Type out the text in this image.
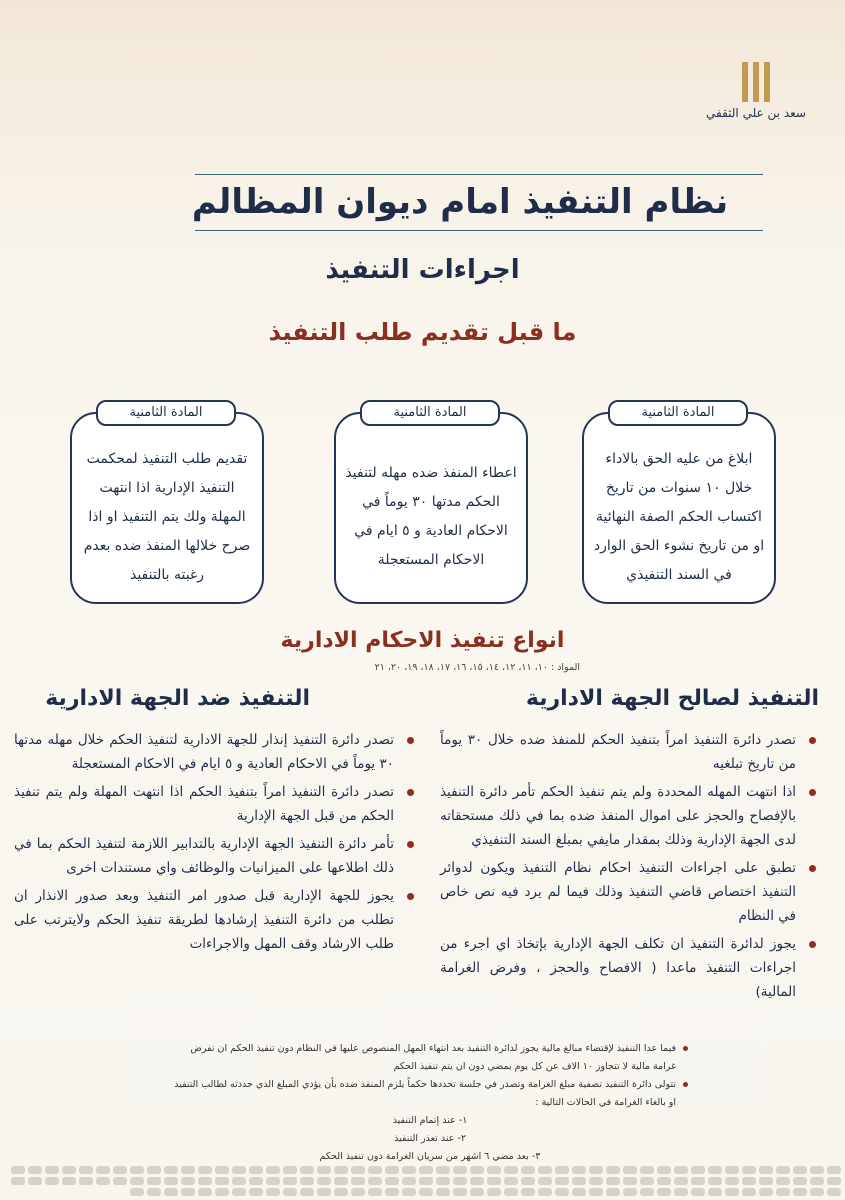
سعد بن علي الثقفي
نظام التنفيذ امام ديوان المظالم
اجراءات التنفيذ
ما قبل تقديم طلب التنفيذ
المادة الثامنية
ابلاغ من عليه الحق بالاداء خلال ١٠ سنوات من تاريخ اكتساب الحكم الصفة النهائية او من تاريخ نشوء الحق الوارد في السند التنفيذي
المادة الثامنية
اعطاء المنفذ ضده مهله لتنفيذ الحكم مدتها ٣٠ يوماً في الاحكام العادية و ٥ ايام في الاحكام المستعجلة
المادة الثامنية
تقديم طلب التنفيذ لمحكمت التنفيذ الإدارية اذا انتهت المهلة ولك يتم التنفيذ او اذا صرح خلالها المنفذ ضده بعدم رغبته بالتنفيذ
انواع تنفيذ الاحكام الادارية
المواد : ١٠، ١١، ١٢، ١٤، ١٥، ١٦، ١٧، ١٨، ١٩، ٢٠، ٢١
التنفيذ لصالح الجهة الادارية
تصدر دائرة التنفيذ امراً بتنفيذ الحكم للمنفذ ضده خلال ٣٠ يوماً من تاريخ تبلغيه
اذا انتهت المهله المحددة ولم يتم تنفيذ الحكم تأمر دائرة التنفيذ بالإفصاح والحجز على اموال المنفذ ضده بما في ذلك مستحقاته لدى الجهة الإدارية وذلك بمقدار مايفي بمبلغ السند التنفيذي
تطبق على اجراءات التنفيذ احكام نظام التنفيذ ويكون لدوائر التنفيذ اختصاص قاضي التنفيذ وذلك فيما لم يرد فيه نص خاص في النظام
يجوز لدائرة التنفيذ ان تكلف الجهة الإدارية بإتخاذ اي اجرء من اجراءات التنفيذ ماعدا ( الافصاح والحجز ، وفرض الغرامة المالية)
التنفيذ ضد الجهة الادارية
تصدر دائرة التنفيذ إنذار للجهة الادارية لتنفيذ الحكم خلال مهله مدتها ٣٠ يوماً في الاحكام العادية و ٥ ايام في الاحكام المستعجلة
تصدر دائرة التنفيذ امراً بتنفيذ الحكم اذا انتهت المهلة ولم يتم تنفيذ الحكم من قبل الجهة الإدارية
تأمر دائرة التنفيذ الجهة الإدارية بالتدابير اللازمة لتنفيذ الحكم بما في ذلك اطلاعها على الميزانيات والوظائف واي مستندات اخرى
يجوز للجهة الإدارية قبل صدور امر التنفيذ وبعد صدور الانذار ان تطلب من دائرة التنفيذ إرشادها لطريقة تنفيذ الحكم ولايترتب على طلب الارشاد وقف المهل والاجراءات
فيما عدا التنفيذ لإقتضاء مبالغ مالية يجوز لدائرة التنفيذ بعد انتهاء المهل المنصوص عليها في النظام دون تنفيذ الحكم ان تفرض غرامة مالية لا تتجاوز ١٠ الاف عن كل يوم يمضي دون ان يتم تنفيذ الحكم
تتولى دائرة التنفيذ تصفية مبلغ الغرامة وتصدر في جلسة تحددها حكماً يلزم المنفذ ضده بأن يؤدي المبلغ الذي حددته لطالب التنفيذ او بالغاء الغرامة في الحالات التالية :
١- عند إتمام التنفيذ
٢- عند تعذر التنفيذ
٣- بعد مضي ٦ اشهر من سريان الغرامة دون تنفيذ الحكم
